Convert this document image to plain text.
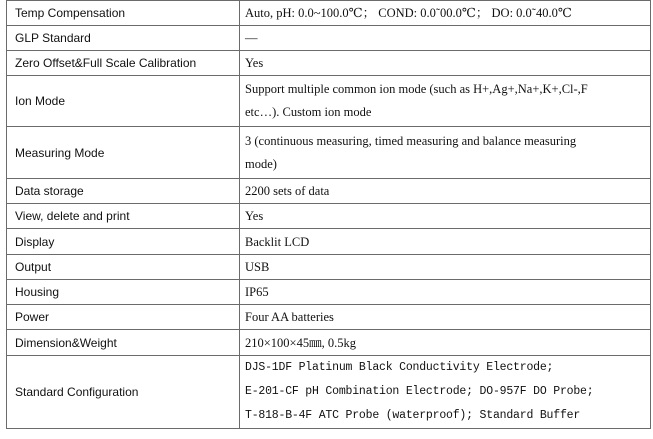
Temp Compensation	Auto, pH: 0.0~100.0℃； COND: 0.0˜00.0℃； DO: 0.0˜40.0℃
GLP Standard	—
Zero Offset&Full Scale Calibration	Yes
Ion Mode	Support multiple common ion mode (such as H+,Ag+,Na+,K+,Cl-,F
etc…). Custom ion mode

Measuring Mode	3 (continuous measuring, timed measuring and balance measuring
mode)

Data storage	2200 sets of data
View, delete and print	Yes
Display	Backlit LCD
Output	USB
Housing	IP65
Power	Four AA batteries
Dimension&Weight	210×100×45㎜, 0.5kg
Standard Configuration	DJS-1DF Platinum Black Conductivity Electrode;
E-201-CF pH Combination Electrode; DO-957F DO Probe;
T-818-B-4F ATC Probe (waterproof); Standard Buffer
